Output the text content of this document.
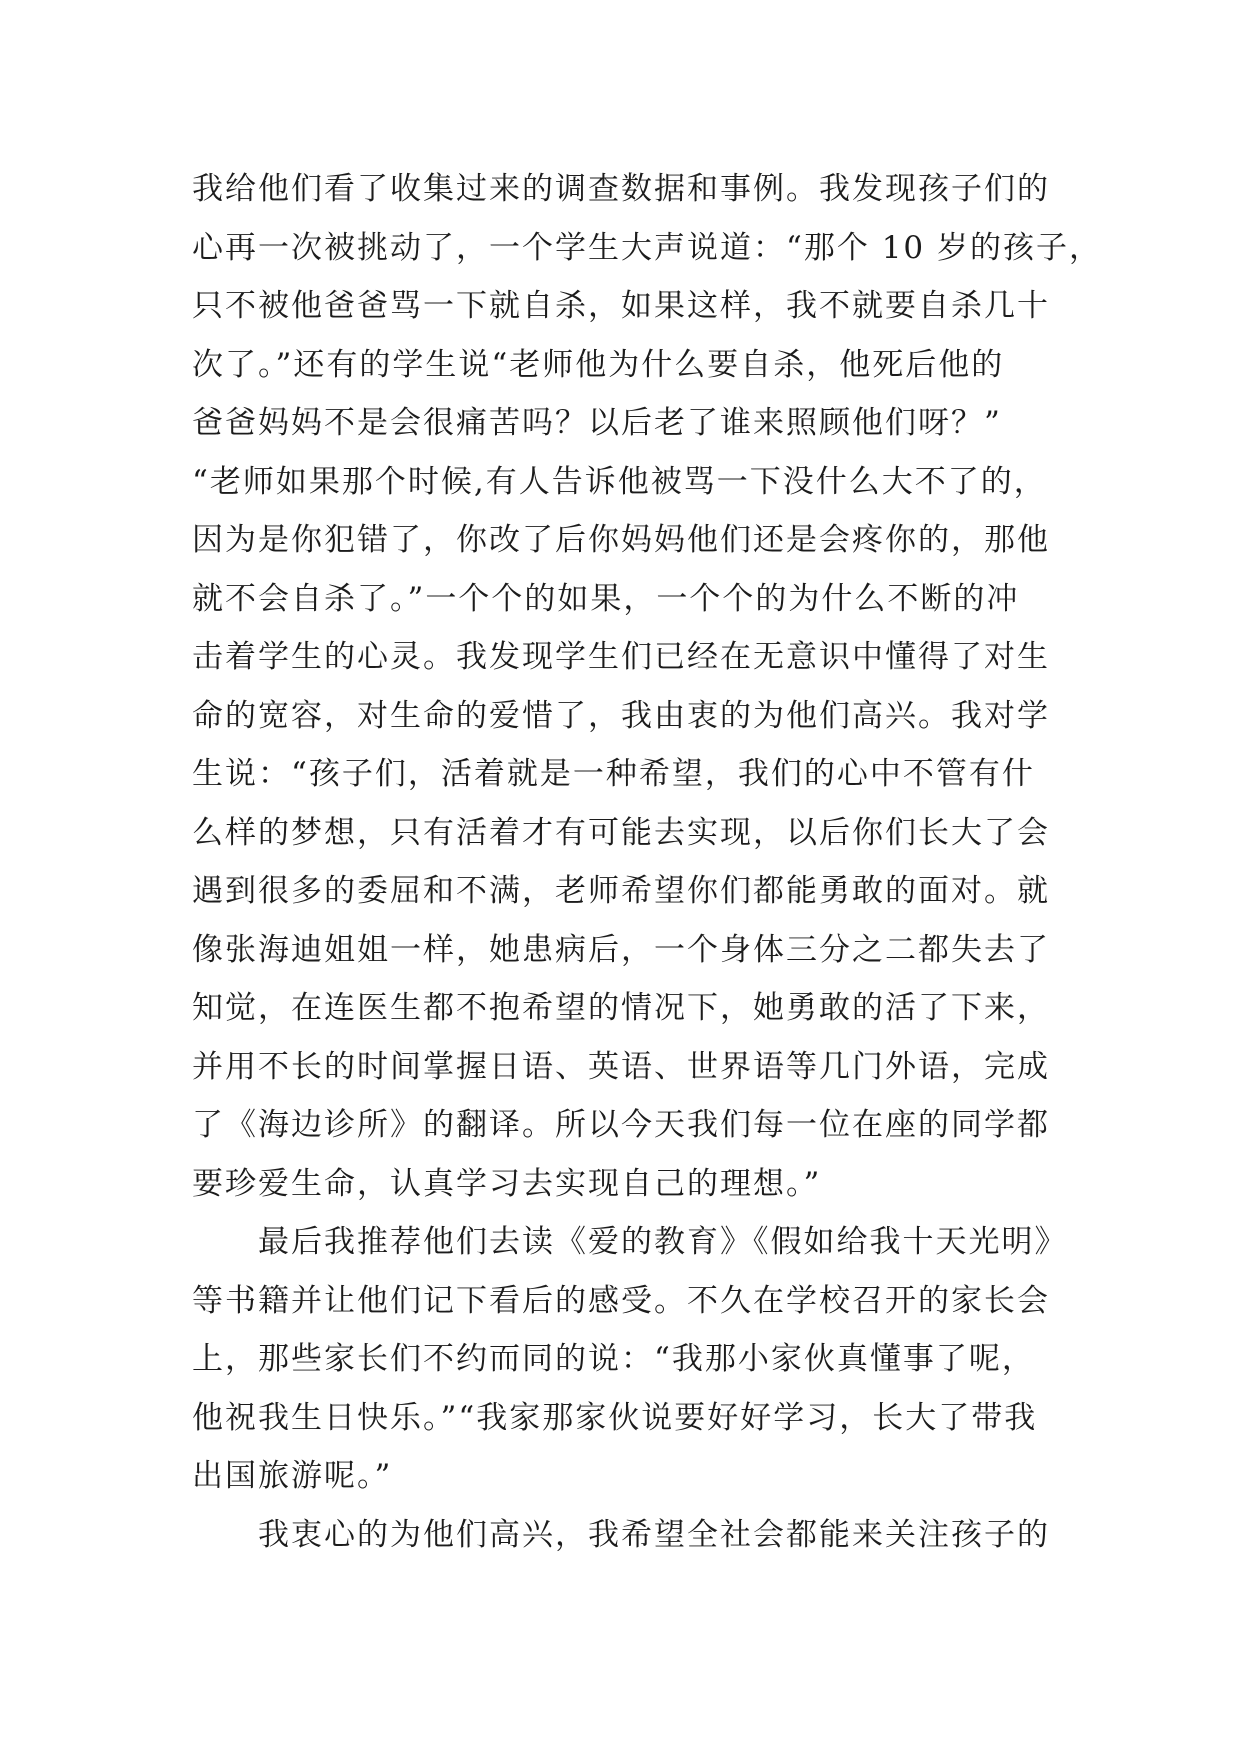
我给他们看了收集过来的调查数据和事例。我发现孩子们的
心再一次被挑动了，一个学生大声说道：“那个 10 岁的孩子，
只不被他爸爸骂一下就自杀，如果这样，我不就要自杀几十
次了。”还有的学生说“老师他为什么要自杀，他死后他的
爸爸妈妈不是会很痛苦吗？以后老了谁来照顾他们呀？”
“老师如果那个时候,有人告诉他被骂一下没什么大不了的，
因为是你犯错了，你改了后你妈妈他们还是会疼你的，那他
就不会自杀了。”一个个的如果，一个个的为什么不断的冲
击着学生的心灵。我发现学生们已经在无意识中懂得了对生
命的宽容，对生命的爱惜了，我由衷的为他们高兴。我对学
生说：“孩子们，活着就是一种希望，我们的心中不管有什
么样的梦想，只有活着才有可能去实现，以后你们长大了会
遇到很多的委屈和不满，老师希望你们都能勇敢的面对。就
像张海迪姐姐一样，她患病后，一个身体三分之二都失去了
知觉，在连医生都不抱希望的情况下，她勇敢的活了下来，
并用不长的时间掌握日语、英语、世界语等几门外语，完成
了《海边诊所》的翻译。所以今天我们每一位在座的同学都
要珍爱生命，认真学习去实现自己的理想。”
最后我推荐他们去读《爱的教育》《假如给我十天光明》
等书籍并让他们记下看后的感受。不久在学校召开的家长会
上，那些家长们不约而同的说：“我那小家伙真懂事了呢，
他祝我生日快乐。”“我家那家伙说要好好学习，长大了带我
出国旅游呢。”
我衷心的为他们高兴，我希望全社会都能来关注孩子的
